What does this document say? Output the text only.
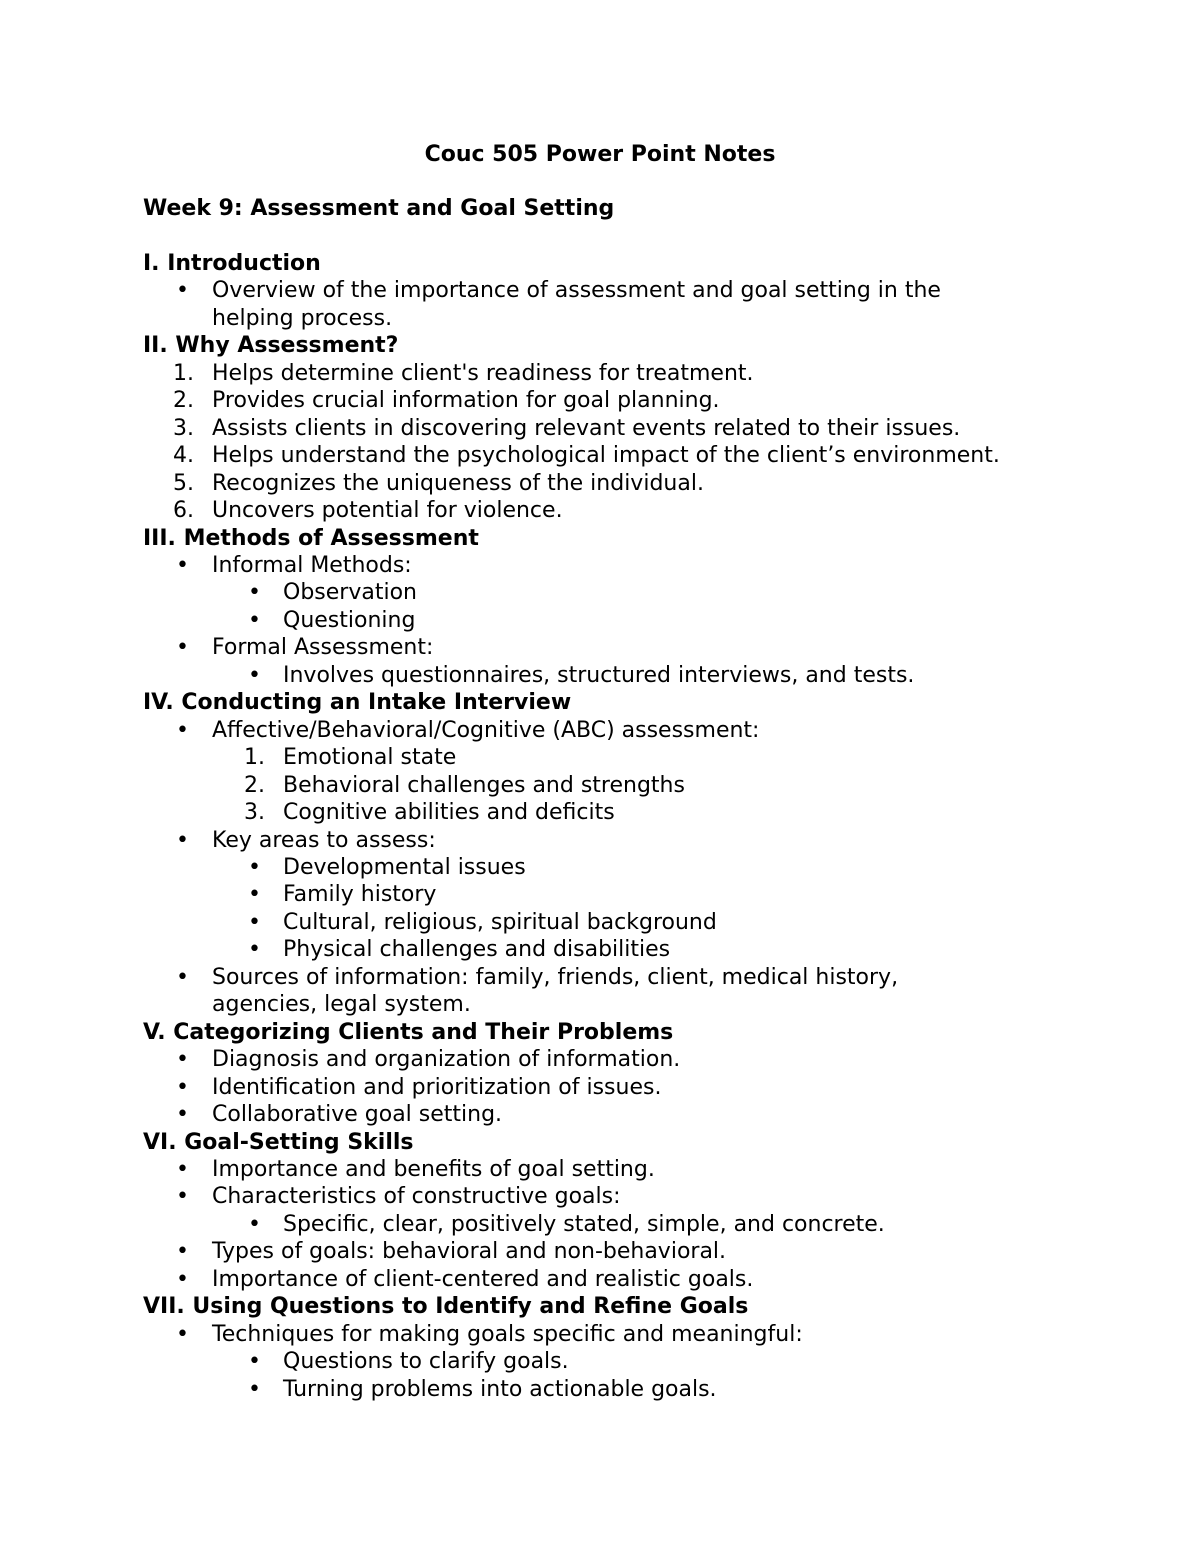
Couc 505 Power Point Notes
Week 9: Assessment and Goal Setting
I. Introduction
• Overview of the importance of assessment and goal setting in the
helping process.
II. Why Assessment?
1. Helps determine client's readiness for treatment.
2. Provides crucial information for goal planning.
3. Assists clients in discovering relevant events related to their issues.
4. Helps understand the psychological impact of the client’s environment.
5. Recognizes the uniqueness of the individual.
6. Uncovers potential for violence.
III. Methods of Assessment
• Informal Methods:
• Observation
• Questioning
• Formal Assessment:
• Involves questionnaires, structured interviews, and tests.
IV. Conducting an Intake Interview
• Affective/Behavioral/Cognitive (ABC) assessment:
1. Emotional state
2. Behavioral challenges and strengths
3. Cognitive abilities and deficits
• Key areas to assess:
• Developmental issues
• Family history
• Cultural, religious, spiritual background
• Physical challenges and disabilities
• Sources of information: family, friends, client, medical history,
agencies, legal system.
V. Categorizing Clients and Their Problems
• Diagnosis and organization of information.
• Identification and prioritization of issues.
• Collaborative goal setting.
VI. Goal-Setting Skills
• Importance and benefits of goal setting.
• Characteristics of constructive goals:
• Specific, clear, positively stated, simple, and concrete.
• Types of goals: behavioral and non-behavioral.
• Importance of client-centered and realistic goals.
VII. Using Questions to Identify and Refine Goals
• Techniques for making goals specific and meaningful:
• Questions to clarify goals.
• Turning problems into actionable goals.
